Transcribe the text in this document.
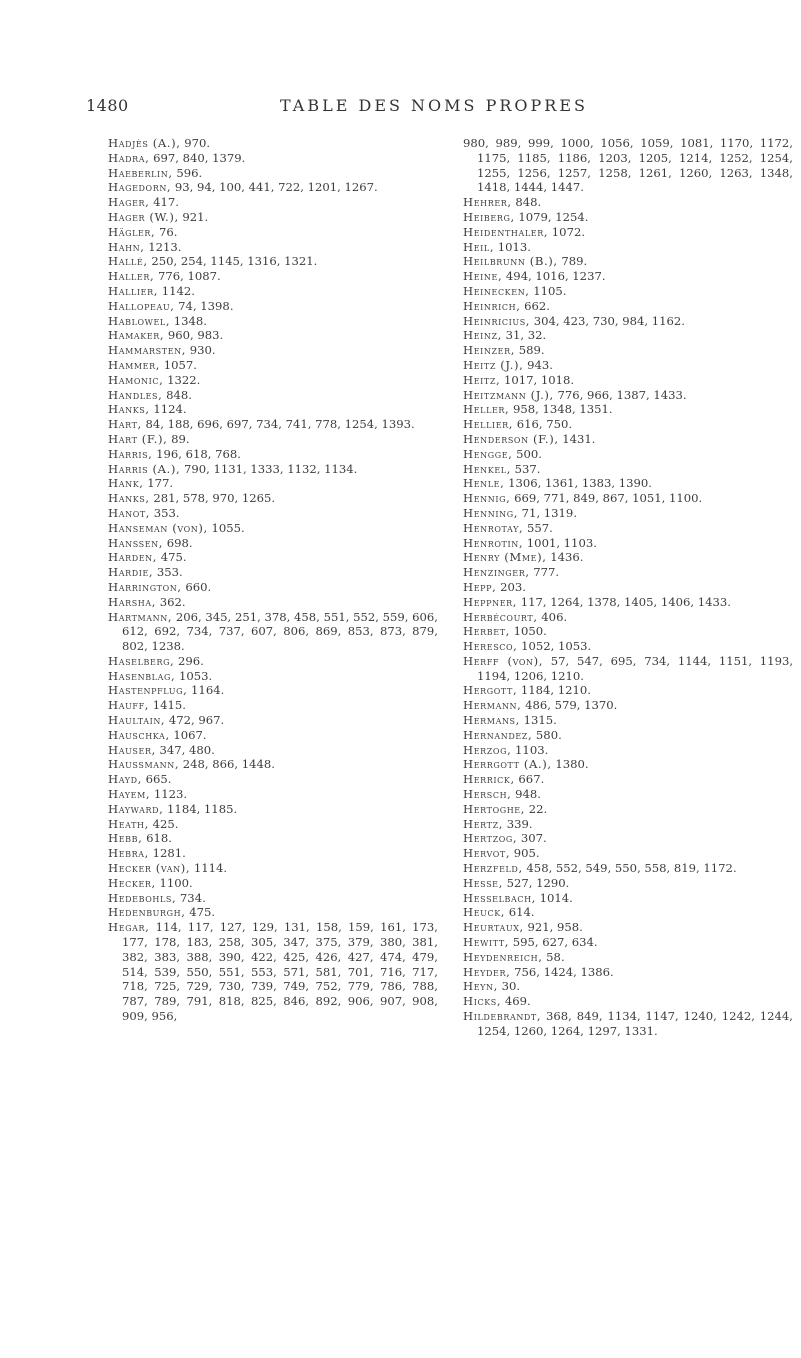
1480	TABLE DES NOMS PROPRES

Hadjès (A.), 970.

Hadra, 697, 840, 1379.

Haeberlin, 596.

Hagedorn, 93, 94, 100, 441, 722, 1201, 1267.

Hager, 417.

Hager (W.), 921.

Hägler, 76.

Hahn, 1213.

Hallé, 250, 254, 1145, 1316, 1321.

Haller, 776, 1087.

Hallier, 1142.

Hallopeau, 74, 1398.

Hablowel, 1348.

Hamaker, 960, 983.

Hammarsten, 930.

Hammer, 1057.

Hamonic, 1322.

Handles, 848.

Hanks, 1124.

Hart, 84, 188, 696, 697, 734, 741, 778, 1254, 1393.

Hart (F.), 89.

Harris, 196, 618, 768.

Harris (A.), 790, 1131, 1333, 1132, 1134.

Hank, 177.

Hanks, 281, 578, 970, 1265.

Hanot, 353.

Hanseman (von), 1055.

Hanssen, 698.

Harden, 475.

Hardie, 353.

Harrington, 660.

Harsha, 362.

Hartmann, 206, 345, 251, 378, 458, 551, 552, 559, 606, 612, 692, 734, 737, 607, 806, 869, 853, 873, 879, 802, 1238.

Haselberg, 296.

Hasenblag, 1053.

Hastenpflug, 1164.

Hauff, 1415.

Haultain, 472, 967.

Hauschka, 1067.

Hauser, 347, 480.

Haussmann, 248, 866, 1448.

Hayd, 665.

Hayem, 1123.

Hayward, 1184, 1185.

Heath, 425.

Hebb, 618.

Hebra, 1281.

Hecker (van), 1114.

Hecker, 1100.

Hedebohls, 734.

Hedenburgh, 475.

Hegar, 114, 117, 127, 129, 131, 158, 159, 161, 173, 177, 178, 183, 258, 305, 347, 375, 379, 380, 381, 382, 383, 388, 390, 422, 425, 426, 427, 474, 479, 514, 539, 550, 551, 553, 571, 581, 701, 716, 717, 718, 725, 729, 730, 739, 749, 752, 779, 786, 788, 787, 789, 791, 818, 825, 846, 892, 906, 907, 908, 909, 956,

980, 989, 999, 1000, 1056, 1059, 1081, 1170, 1172, 1175, 1185, 1186, 1203, 1205, 1214, 1252, 1254, 1255, 1256, 1257, 1258, 1261, 1260, 1263, 1348, 1418, 1444, 1447.

Hehrer, 848.

Heiberg, 1079, 1254.

Heidenthaler, 1072.

Heil, 1013.

Heilbrunn (B.), 789.

Heine, 494, 1016, 1237.

Heinecken, 1105.

Heinrich, 662.

Heinricius, 304, 423, 730, 984, 1162.

Heinz, 31, 32.

Heinzer, 589.

Heitz (J.), 943.

Heitz, 1017, 1018.

Heitzmann (J.), 776, 966, 1387, 1433.

Heller, 958, 1348, 1351.

Hellier, 616, 750.

Henderson (F.), 1431.

Hengge, 500.

Henkel, 537.

Henle, 1306, 1361, 1383, 1390.

Hennig, 669, 771, 849, 867, 1051, 1100.

Henning, 71, 1319.

Henrotay, 557.

Henrotin, 1001, 1103.

Henry (Mme), 1436.

Henzinger, 777.

Hepp, 203.

Heppner, 117, 1264, 1378, 1405, 1406, 1433.

Herbécourt, 406.

Herbet, 1050.

Heresco, 1052, 1053.

Herff (von), 57, 547, 695, 734, 1144, 1151, 1193, 1194, 1206, 1210.

Hergott, 1184, 1210.

Hermann, 486, 579, 1370.

Hermans, 1315.

Hernandez, 580.

Herzog, 1103.

Herrgott (A.), 1380.

Herrick, 667.

Hersch, 948.

Hertoghe, 22.

Hertz, 339.

Hertzog, 307.

Hervot, 905.

Herzfeld, 458, 552, 549, 550, 558, 819, 1172.

Hesse, 527, 1290.

Hesselbach, 1014.

Heuck, 614.

Heurtaux, 921, 958.

Hewitt, 595, 627, 634.

Heydenreich, 58.

Heyder, 756, 1424, 1386.

Heyn, 30.

Hicks, 469.

Hildebrandt, 368, 849, 1134, 1147, 1240, 1242, 1244, 1254, 1260, 1264, 1297, 1331.
